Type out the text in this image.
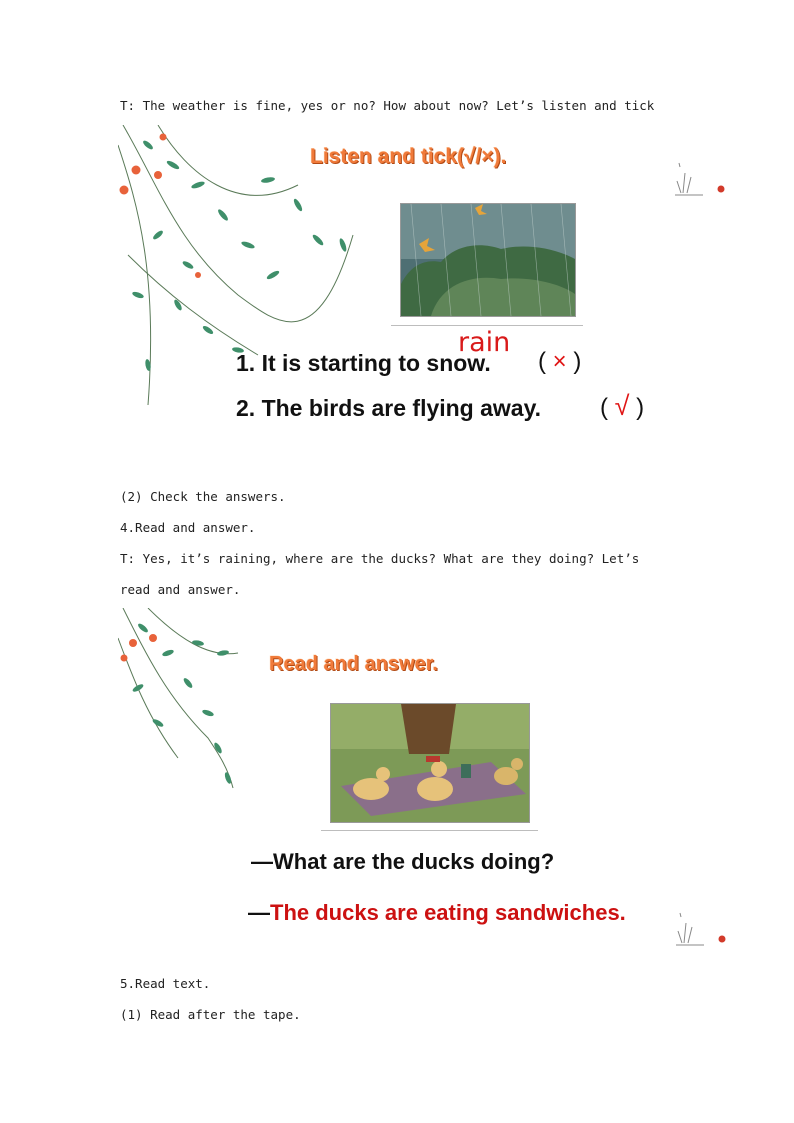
T: The weather is fine, yes or no? How about now? Let’s listen and tick
Listen and tick(√/×).
rain
1. It is starting to snow. ( × )
2. The birds are flying away. ( √ )
(2) Check the answers.
4.Read and answer.
T: Yes, it’s raining, where are the ducks? What are they doing? Let’s
read and answer.
Read and answer.
—What are the ducks doing?
—The ducks are eating sandwiches.
5.Read text.
(1) Read after the tape.
